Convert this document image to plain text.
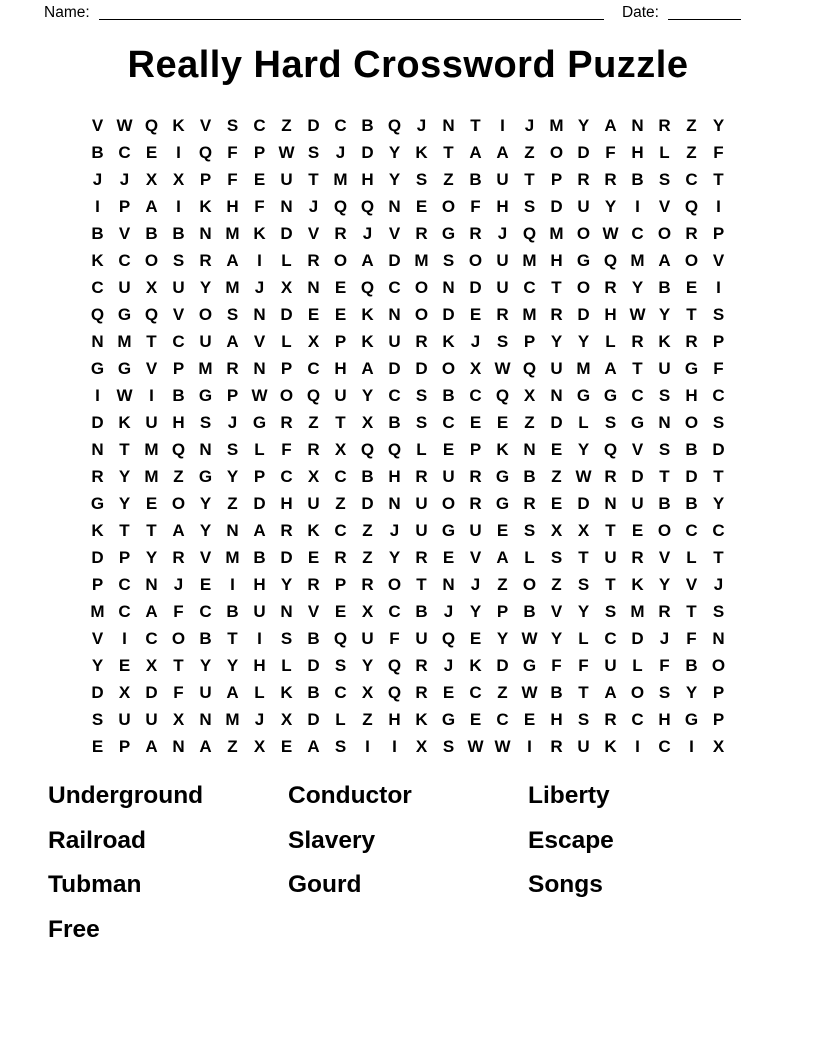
Name:	Date:
Really Hard Crossword Puzzle
V W Q K V S C Z D C B Q J N T	I	J M Y A N R Z Y
B C E	I	Q F P W S J D Y K T A A Z O D F H L Z F
J	J X X P F E U T M H Y S Z B U T P R R B S C T
I	P A	I	K H F N J Q Q N E O F H S D U Y	I	V Q	I
B V B B N M K D V R J V R G R J Q M O W C O R P
K C O S R A	I	L R O A D M S O U M H G Q M A O V
C U X U Y M J X N E Q C O N D U C T O R Y B E	I
Q G Q V O S N D E E K N O D E R M R D H W Y T S
N M T C U A V L X P K U R K J S P Y Y L R K R P
G G V P M R N P C H A D D O X W Q U M A T U G F
I W I	B G P W O Q U Y C S B C Q X N G G C S H C
D K U H S J G R Z T X B S C E E Z D L S G N O S
N T M Q N S L F R X Q Q L E P K N E Y Q V S B D
R Y M Z G Y P C X C B H R U R G B Z W R D T D T
G Y E O Y Z D H U Z D N U O R G R E D N U B B Y
K T T A Y N A R K C Z	J U G U E S X X T E O C C
D P Y R V M B D E R Z Y R E V A L S T U R V L T
P C N J E	I	H Y R P R O T N J	Z O Z S T K Y V J
M C A F C B U N V E X C B J Y P B V Y S M R T S
V	I	C O B T	I	S B Q U F U Q E Y W Y L C D J	F N
Y E X T Y Y H L D S Y Q R J K D G F F U L F B O
D X D F U A L K B C X Q R E C Z W B T A O S Y P
S U U X N M J X D L Z H K G E C E H S R C H G P
E P A N A Z X E A S	I	I	X S W W I	R U K	I	C	I	X
Underground	Conductor	Liberty
Railroad	Slavery	Escape
Tubman	Gourd	Songs
Free
